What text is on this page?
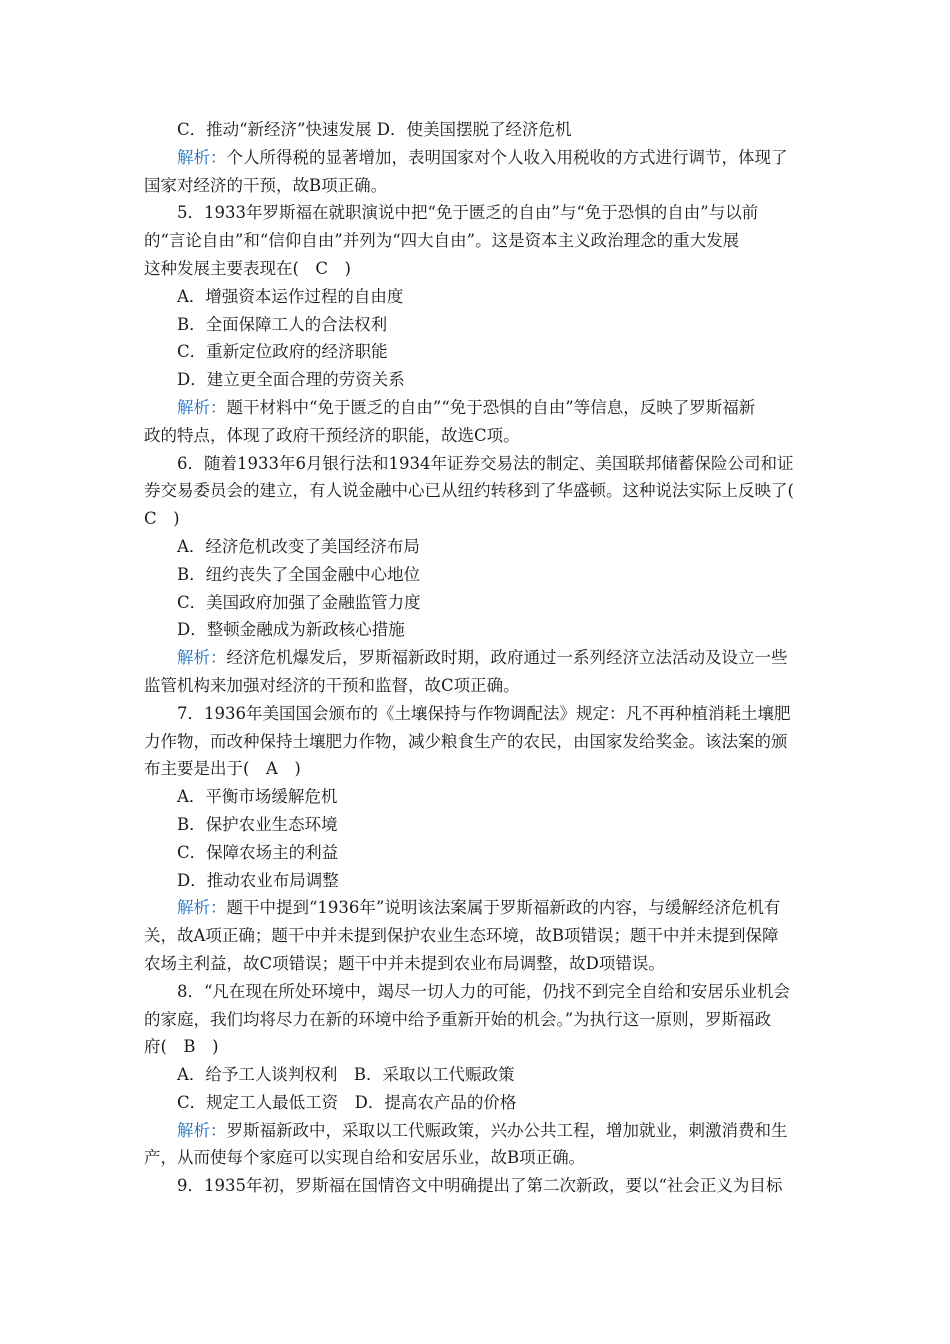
C．推动“新经济”快速发展 D．使美国摆脱了经济危机
解析：个人所得税的显著增加，表明国家对个人收入用税收的方式进行调节，体现了
国家对经济的干预，故B项正确。
5．1933年罗斯福在就职演说中把“免于匮乏的自由”与“免于恐惧的自由”与以前
的“言论自由”和“信仰自由”并列为“四大自由”。这是资本主义政治理念的重大发展
这种发展主要表现在(　C　)
A．增强资本运作过程的自由度
B．全面保障工人的合法权利
C．重新定位政府的经济职能
D．建立更全面合理的劳资关系
解析：题干材料中“免于匮乏的自由”“免于恐惧的自由”等信息，反映了罗斯福新
政的特点，体现了政府干预经济的职能，故选C项。
6．随着1933年6月银行法和1934年证券交易法的制定、美国联邦储蓄保险公司和证
券交易委员会的建立，有人说金融中心已从纽约转移到了华盛顿。这种说法实际上反映了(
C　)
A．经济危机改变了美国经济布局
B．纽约丧失了全国金融中心地位
C．美国政府加强了金融监管力度
D．整顿金融成为新政核心措施
解析：经济危机爆发后，罗斯福新政时期，政府通过一系列经济立法活动及设立一些
监管机构来加强对经济的干预和监督，故C项正确。
7．1936年美国国会颁布的《土壤保持与作物调配法》规定：凡不再种植消耗土壤肥
力作物，而改种保持土壤肥力作物，减少粮食生产的农民，由国家发给奖金。该法案的颁
布主要是出于(　A　)
A．平衡市场缓解危机
B．保护农业生态环境
C．保障农场主的利益
D．推动农业布局调整
解析：题干中提到“1936年”说明该法案属于罗斯福新政的内容，与缓解经济危机有
关，故A项正确；题干中并未提到保护农业生态环境，故B项错误；题干中并未提到保障
农场主利益，故C项错误；题干中并未提到农业布局调整，故D项错误。
8．“凡在现在所处环境中，竭尽一切人力的可能，仍找不到完全自给和安居乐业机会
的家庭，我们均将尽力在新的环境中给予重新开始的机会。”为执行这一原则，罗斯福政
府(　B　)
A．给予工人谈判权利　B．采取以工代赈政策
C．规定工人最低工资　D．提高农产品的价格
解析：罗斯福新政中，采取以工代赈政策，兴办公共工程，增加就业，刺激消费和生
产，从而使每个家庭可以实现自给和安居乐业，故B项正确。
9．1935年初，罗斯福在国情咨文中明确提出了第二次新政，要以“社会正义为目标
